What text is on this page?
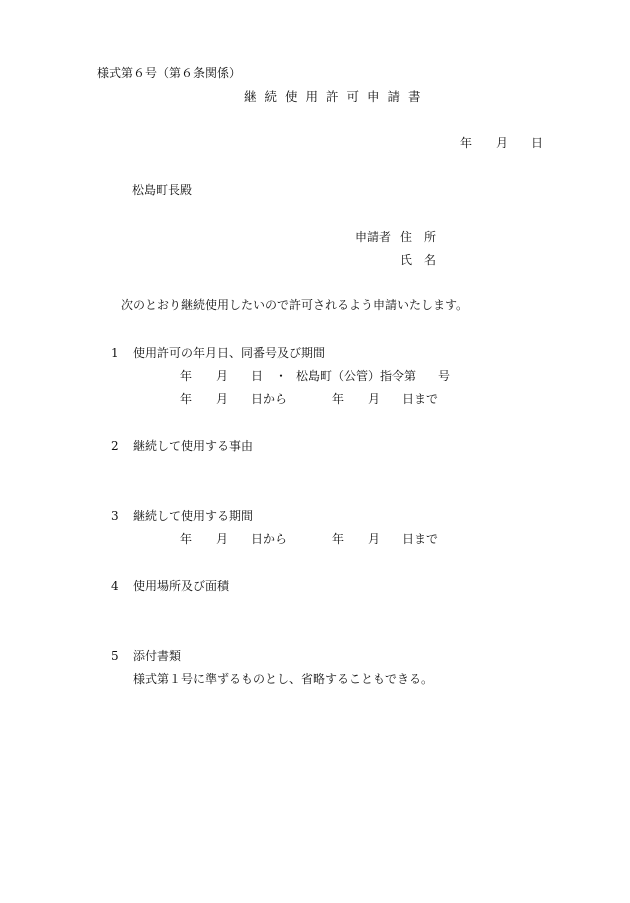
様式第６号（第６条関係）
継続使用許可申請書
年 月 日
松島町長殿
申請者 住　所
氏　名
次のとおり継続使用したいので許可されるよう申請いたします。
1 使用許可の年月日、同番号及び期間
年 月 日 ・ 松島町（公管）指令第 号
年 月 日から	年 月 日まで
2 継続して使用する事由
3 継続して使用する期間
年 月 日から	年 月 日まで
4 使用場所及び面積
5 添付書類
様式第１号に準ずるものとし、省略することもできる。
